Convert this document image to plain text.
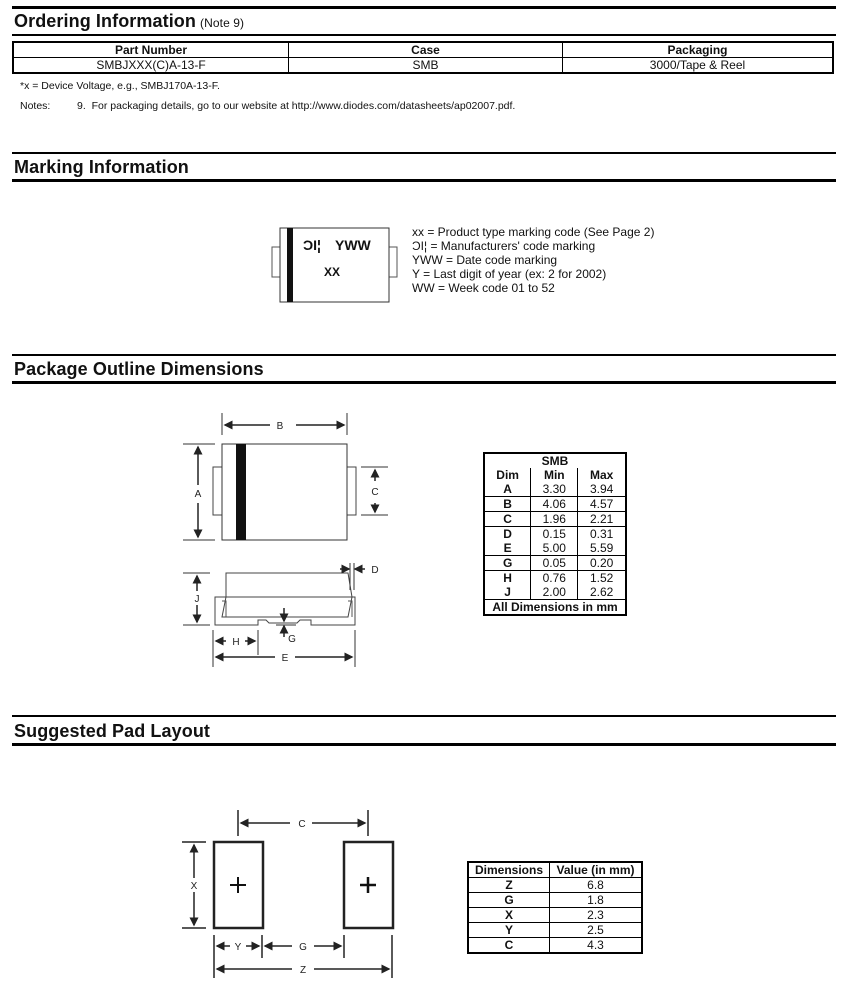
Ordering Information (Note 9)
Part Number	Case	Packaging
SMBJXXX(C)A-13-F	SMB	3000/Tape & Reel
*x = Device Voltage, e.g., SMBJ170A-13-F.
Notes:	9.  For packaging details, go to our website at http://www.diodes.com/datasheets/ap02007.pdf.
Marking Information
ƆI¦ YWW
XX
xx = Product type marking code (See Page 2)
ƆI¦ = Manufacturers' code marking
YWW = Date code marking
Y = Last digit of year (ex: 2 for 2002)
WW = Week code 01 to 52
Package Outline Dimensions
B
A	C
D
J
G
H
E
SMB		
Dim	Min	Max
A	3.30	3.94
B	4.06	4.57
C	1.96	2.21
D	0.15	0.31
E	5.00	5.59
G	0.05	0.20
H	0.76	1.52
J	2.00	2.62
All Dimensions in mm		
Suggested Pad Layout
C
X
Y	G
Z
Dimensions	Value (in mm)
Z	6.8
G	1.8
X	2.3
Y	2.5
C	4.3
